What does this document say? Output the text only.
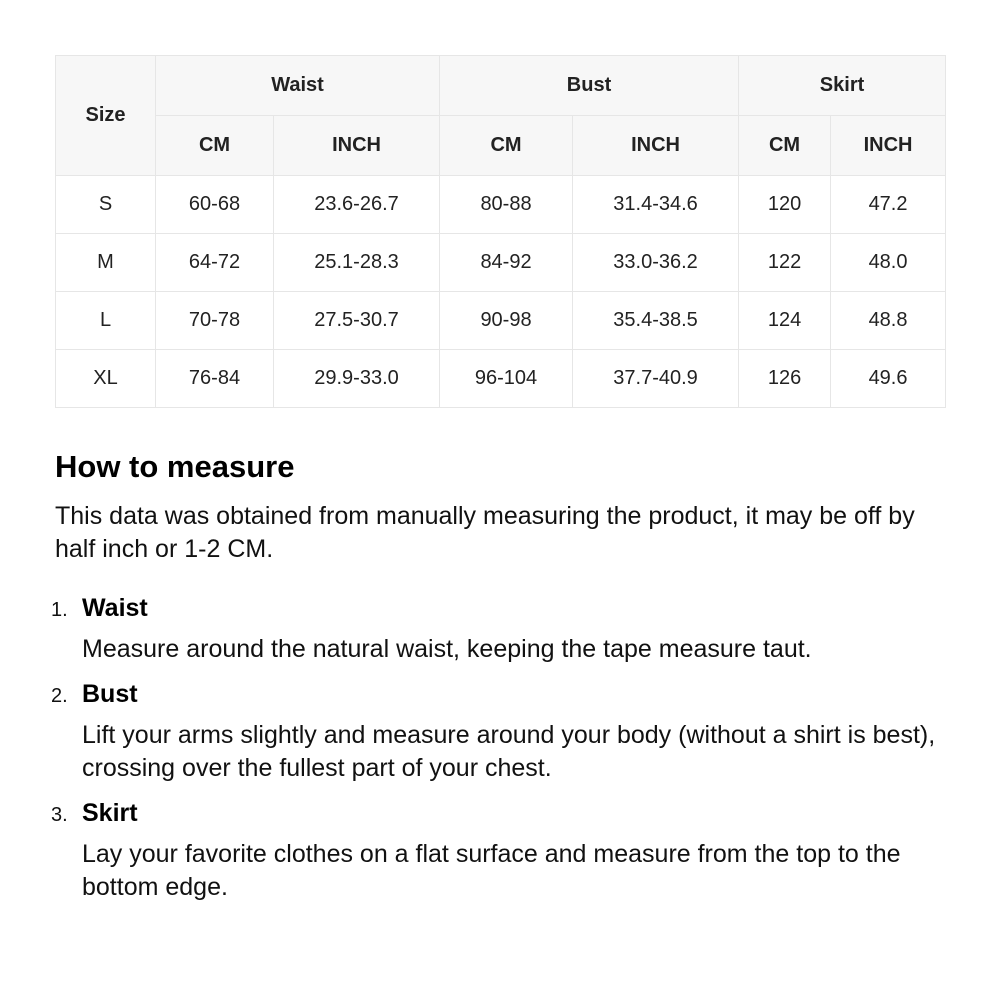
Size	Waist		Bust		Skirt	
	CM	INCH	CM	INCH	CM	INCH
S	60-68	23.6-26.7	80-88	31.4-34.6	120	47.2
M	64-72	25.1-28.3	84-92	33.0-36.2	122	48.0
L	70-78	27.5-30.7	90-98	35.4-38.5	124	48.8
XL	76-84	29.9-33.0	96-104	37.7-40.9	126	49.6
How to measure

This data was obtained from manually measuring the product, it may be off by half inch or 1-2 CM.

1. Waist
Measure around the natural waist, keeping the tape measure taut.
2. Bust
Lift your arms slightly and measure around your body (without a shirt is best), crossing over the fullest part of your chest.
3. Skirt
Lay your favorite clothes on a flat surface and measure from the top to the bottom edge.
